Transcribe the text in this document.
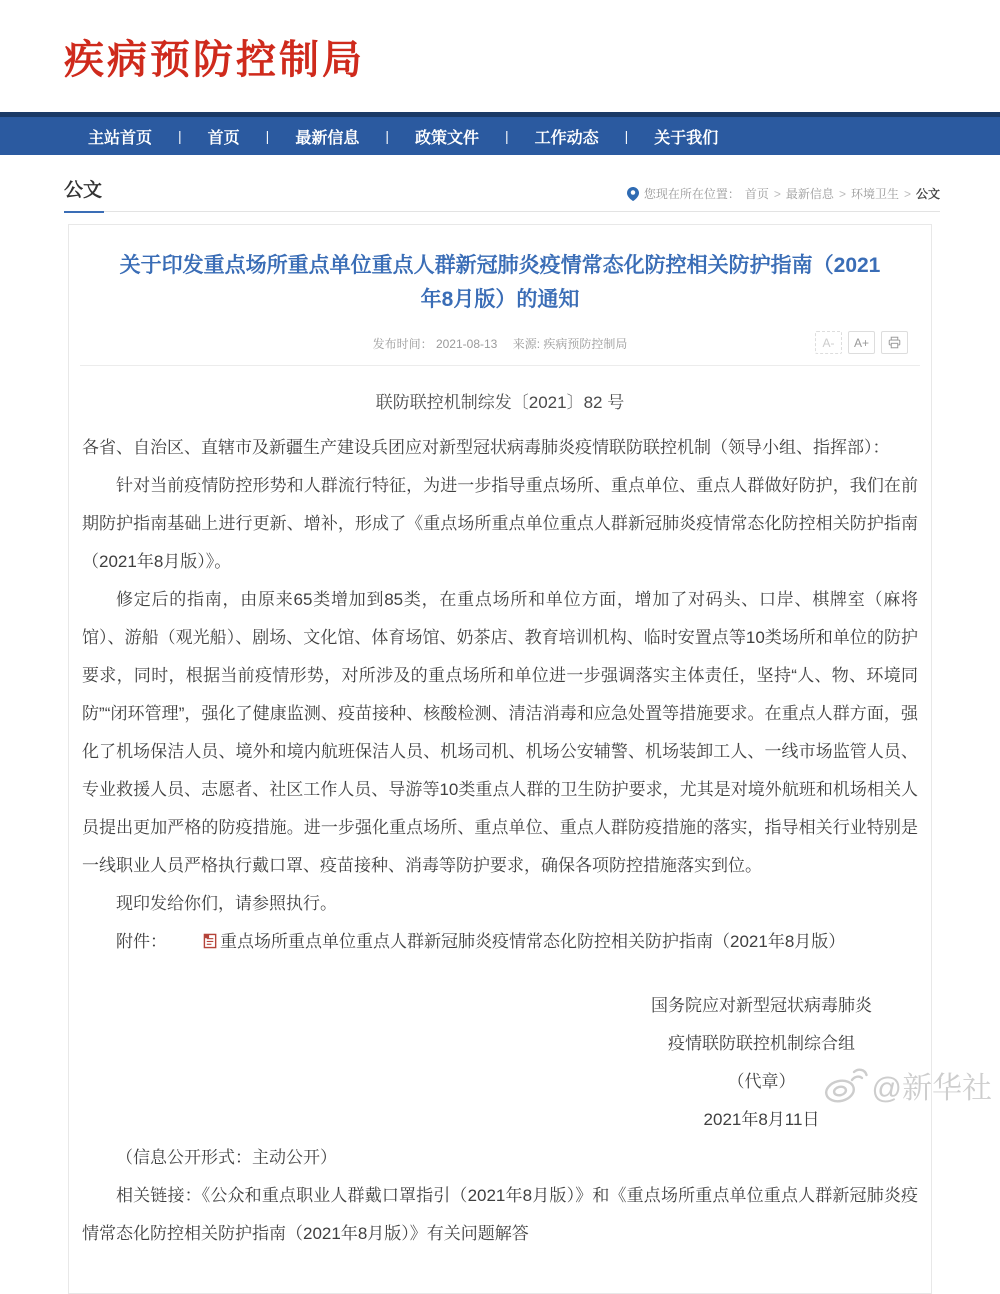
疾病预防控制局
主站首页 | 首页 | 最新信息 | 政策文件 | 工作动态 | 关于我们
公文	您现在所在位置： 首页 > 最新信息 > 环境卫生 > 公文
关于印发重点场所重点单位重点人群新冠肺炎疫情常态化防控相关防护指南（2021年8月版）的通知
发布时间： 2021-08-13 来源: 疾病预防控制局	A-	A+
联防联控机制综发〔2021〕82 号

各省、自治区、直辖市及新疆生产建设兵团应对新型冠状病毒肺炎疫情联防联控机制（领导小组、指挥部）：

针对当前疫情防控形势和人群流行特征，为进一步指导重点场所、重点单位、重点人群做好防护，我们在前期防护指南基础上进行更新、增补，形成了《重点场所重点单位重点人群新冠肺炎疫情常态化防控相关防护指南（2021年8月版）》。

修定后的指南，由原来65类增加到85类，在重点场所和单位方面，增加了对码头、口岸、棋牌室（麻将馆）、游船（观光船）、剧场、文化馆、体育场馆、奶茶店、教育培训机构、临时安置点等10类场所和单位的防护要求，同时，根据当前疫情形势，对所涉及的重点场所和单位进一步强调落实主体责任，坚持“人、物、环境同防”“闭环管理”，强化了健康监测、疫苗接种、核酸检测、清洁消毒和应急处置等措施要求。在重点人群方面，强化了机场保洁人员、境外和境内航班保洁人员、机场司机、机场公安辅警、机场装卸工人、一线市场监管人员、专业救援人员、志愿者、社区工作人员、导游等10类重点人群的卫生防护要求，尤其是对境外航班和机场相关人员提出更加严格的防疫措施。进一步强化重点场所、重点单位、重点人群防疫措施的落实，指导相关行业特别是一线职业人员严格执行戴口罩、疫苗接种、消毒等防护要求，确保各项防控措施落实到位。

现印发给你们，请参照执行。

附件：	重点场所重点单位重点人群新冠肺炎疫情常态化防控相关防护指南（2021年8月版）

国务院应对新型冠状病毒肺炎
疫情联防联控机制综合组
（代章）
2021年8月11日

（信息公开形式：主动公开）

相关链接：《公众和重点职业人群戴口罩指引（2021年8月版）》和《重点场所重点单位重点人群新冠肺炎疫情常态化防控相关防护指南（2021年8月版）》有关问题解答

@新华社
